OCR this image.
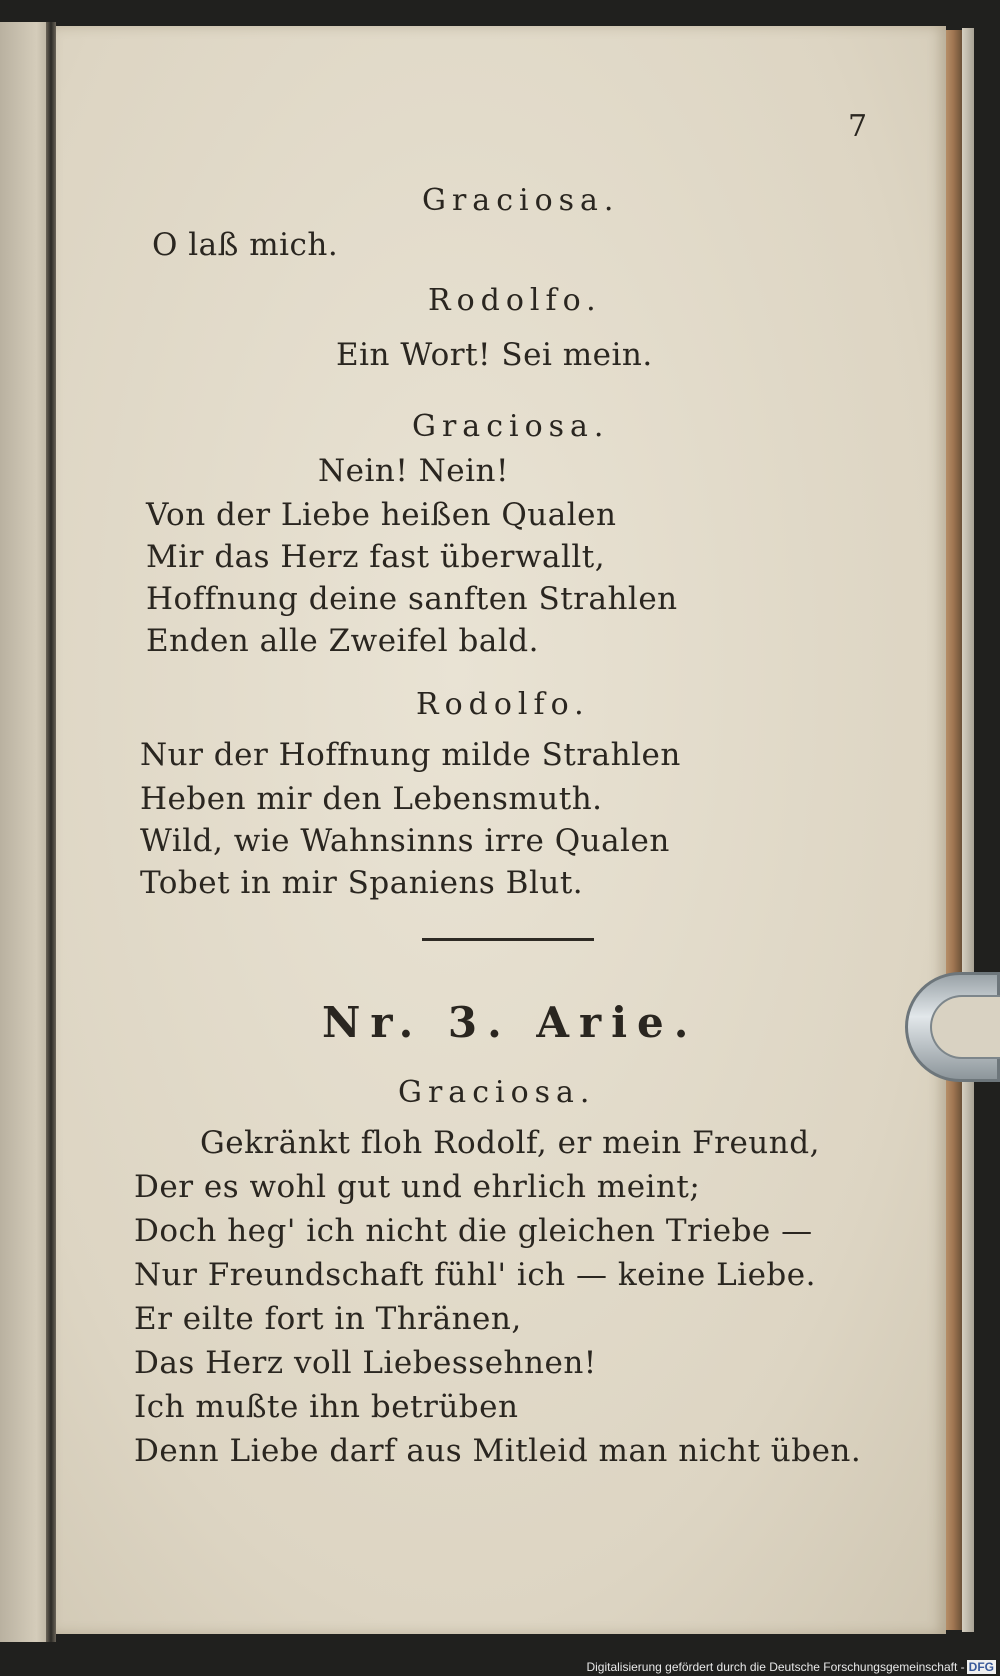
7
Graciosa.
O laß mich.
Rodolfo.
Ein Wort! Sei mein.
Graciosa.
Nein! Nein!
Von der Liebe heißen Qualen
Mir das Herz fast überwallt,
Hoffnung deine sanften Strahlen
Enden alle Zweifel bald.
Rodolfo.
Nur der Hoffnung milde Strahlen
Heben mir den Lebensmuth.
Wild, wie Wahnsinns irre Qualen
Tobet in mir Spaniens Blut.
Nr. 3. Arie.
Graciosa.
Gekränkt floh Rodolf, er mein Freund,
Der es wohl gut und ehrlich meint;
Doch heg' ich nicht die gleichen Triebe —
Nur Freundschaft fühl' ich — keine Liebe.
Er eilte fort in Thränen,
Das Herz voll Liebessehnen!
Ich mußte ihn betrüben
Denn Liebe darf aus Mitleid man nicht üben.
Digitalisierung gefördert durch die Deutsche Forschungsgemeinschaft - DFG
